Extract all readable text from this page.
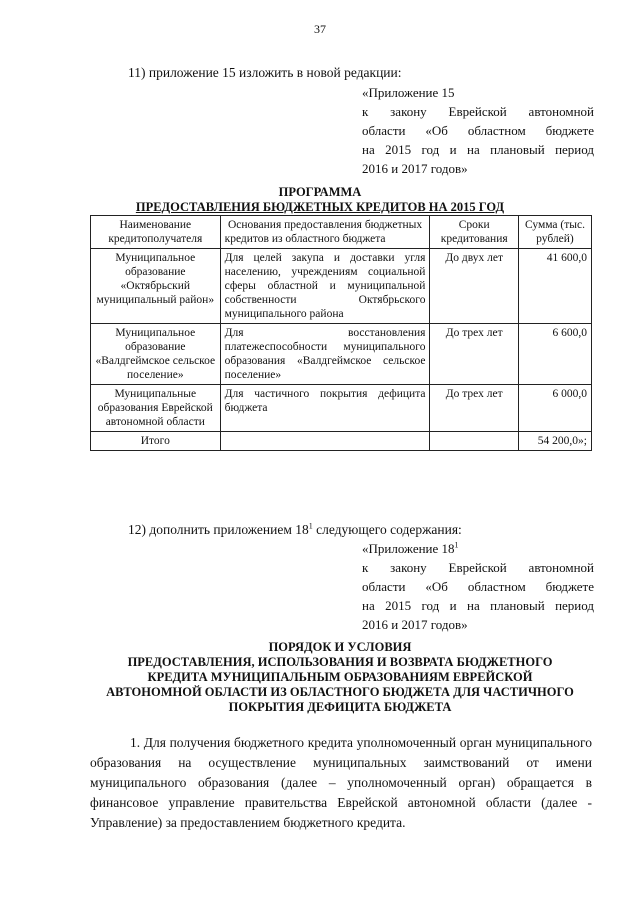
37
11) приложение 15 изложить в новой редакции:

«Приложение 15

к закону Еврейской автономной

области «Об областном бюджете

на 2015 год и на плановый период

2016 и 2017 годов»

ПРОГРАММА
ПРЕДОСТАВЛЕНИЯ БЮДЖЕТНЫХ КРЕДИТОВ НА 2015 ГОД
Наименование кредитополучателя	Основания предоставления бюджетных кредитов из областного бюджета	Сроки кредитования	Сумма (тыс. рублей)
Муниципальное образование «Октябрьский муниципальный район»	Для целей закупа и доставки угля населению, учреждениям социальной сферы областной и муниципальной собственности Октябрьского муниципального района	До двух лет	41 600,0
Муниципальное образование «Валдгеймское сельское поселение»	Для восстановления платежеспособности муниципального образования «Валдгеймское сельское поселение»	До трех лет	6 600,0
Муниципальные образования Еврейской автономной области	Для частичного покрытия дефицита бюджета	До трех лет	6 000,0
Итого			54 200,0»;
12) дополнить приложением $18^1$ следующего содержания:

«Приложение $18^1$

к закону Еврейской автономной

области «Об областном бюджете

на 2015 год и на плановый период

2016 и 2017 годов»

ПОРЯДОК И УСЛОВИЯ
ПРЕДОСТАВЛЕНИЯ, ИСПОЛЬЗОВАНИЯ И ВОЗВРАТА БЮДЖЕТНОГО
КРЕДИТА МУНИЦИПАЛЬНЫМ ОБРАЗОВАНИЯМ ЕВРЕЙСКОЙ
АВТОНОМНОЙ ОБЛАСТИ ИЗ ОБЛАСТНОГО БЮДЖЕТА ДЛЯ ЧАСТИЧНОГО
ПОКРЫТИЯ ДЕФИЦИТА БЮДЖЕТА

1. Для получения бюджетного кредита уполномоченный орган муниципального образования на осуществление муниципальных заимствований от имени муниципального образования (далее – уполномоченный орган) обращается в финансовое управление правительства Еврейской автономной области (далее - Управление) за предоставлением бюджетного кредита.
